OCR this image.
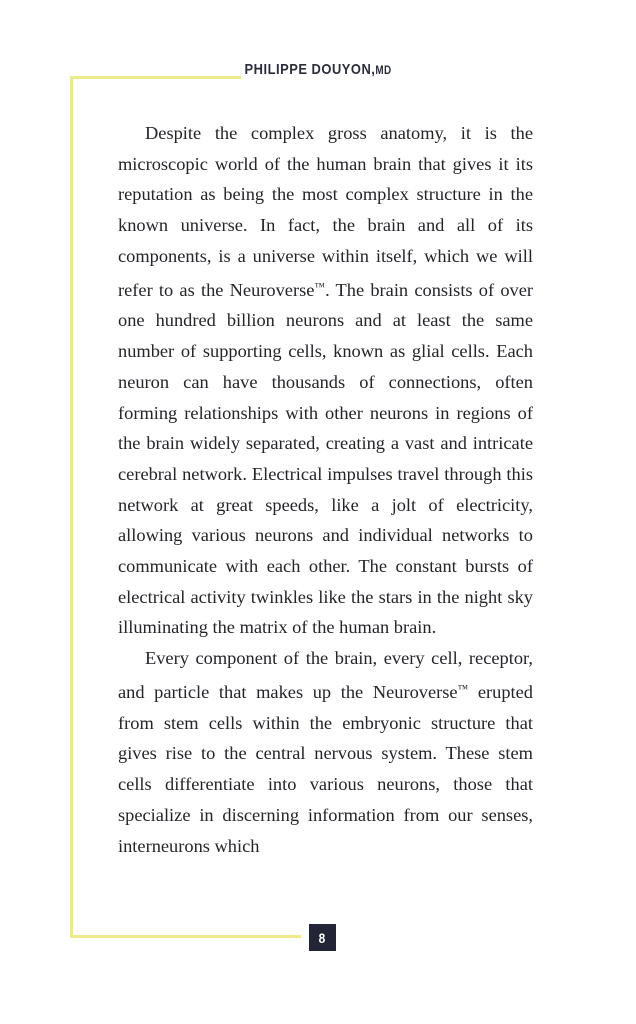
PHILIPPE DOUYON,MD

Despite the complex gross anatomy, it is the microscopic world of the human brain that gives it its reputation as being the most complex structure in the known universe. In fact, the brain and all of its components, is a universe within itself, which we will refer to as the Neuroverse™. The brain consists of over one hundred billion neurons and at least the same number of supporting cells, known as glial cells. Each neuron can have thousands of connections, often forming relationships with other neurons in regions of the brain widely separated, creating a vast and intricate cerebral network. Electrical impulses travel through this network at great speeds, like a jolt of electricity, allowing various neurons and individual networks to communicate with each other. The constant bursts of electrical activity twinkles like the stars in the night sky illuminating the matrix of the human brain.

Every component of the brain, every cell, receptor, and particle that makes up the Neuroverse™ erupted from stem cells within the embryonic structure that gives rise to the central nervous system. These stem cells differentiate into various neurons, those that specialize in discerning information from our senses, interneurons which

8
